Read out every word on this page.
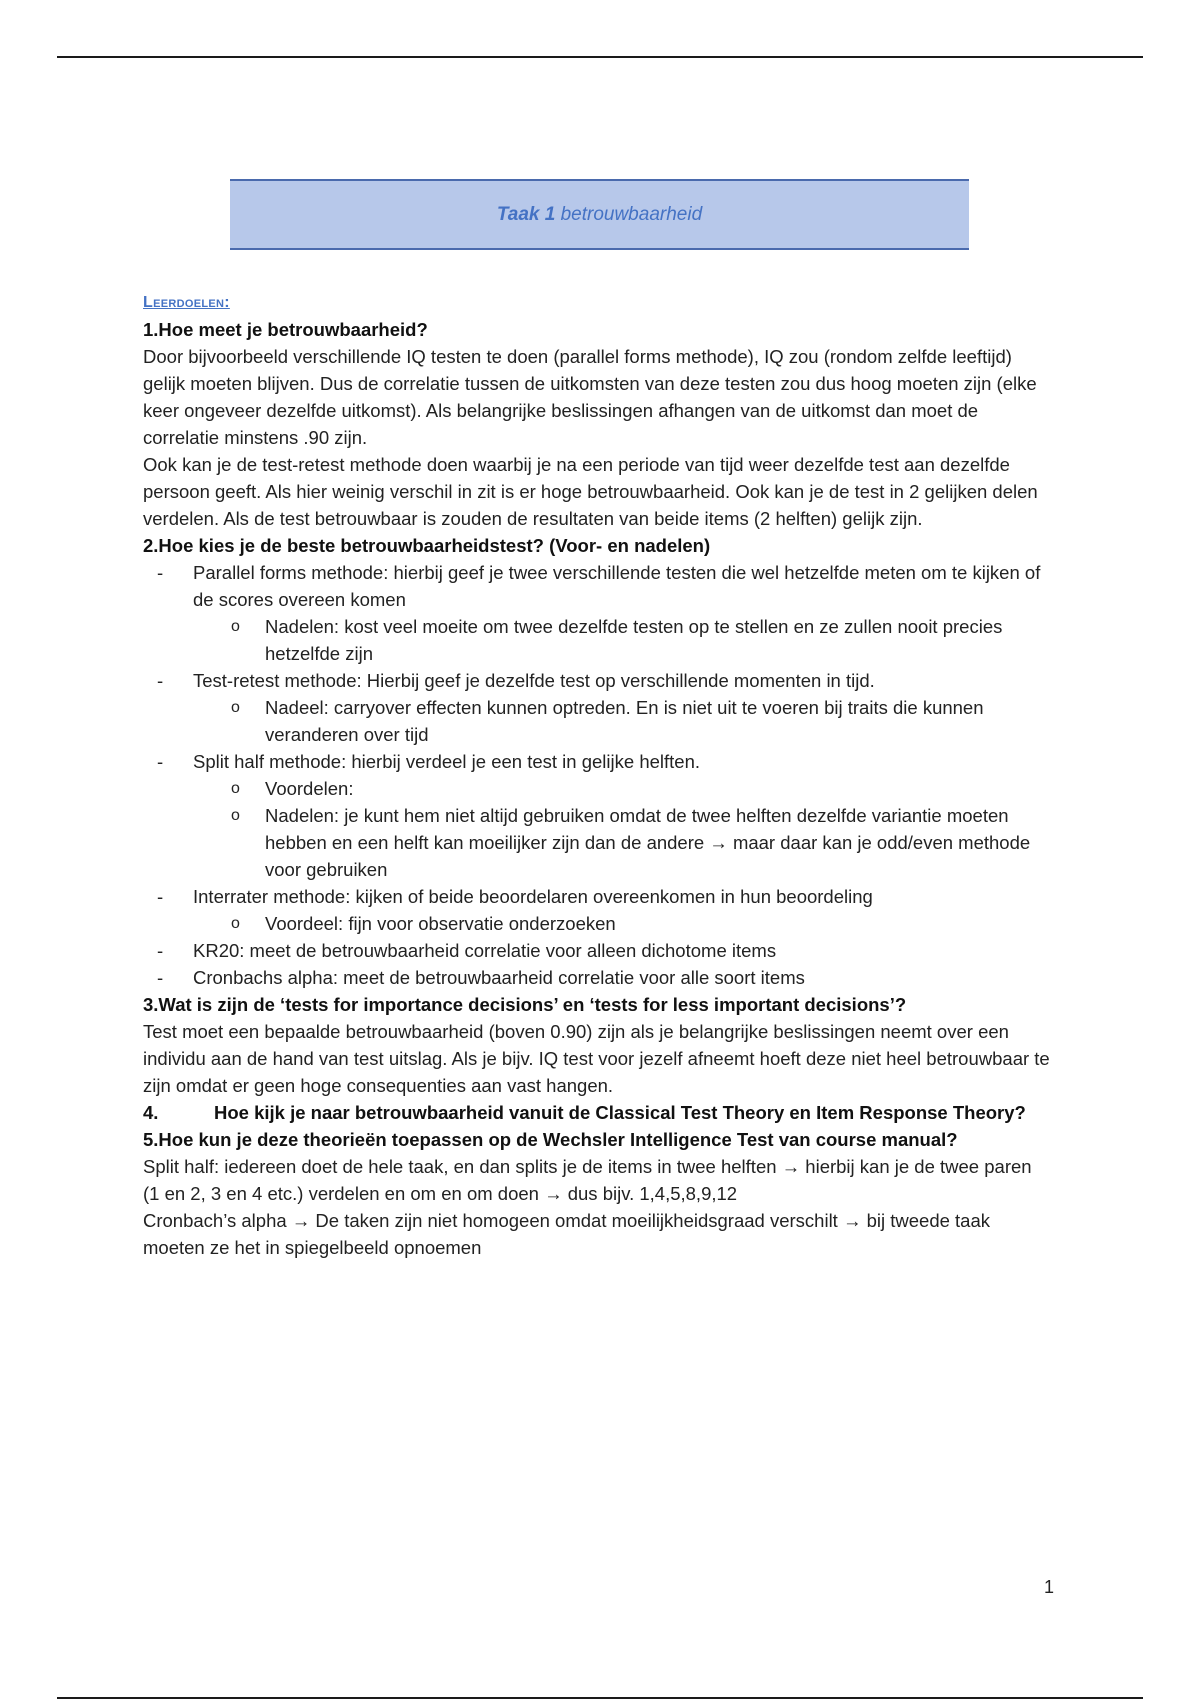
Taak 1 betrouwbaarheid
Leerdoelen:
1.Hoe meet je betrouwbaarheid?

Door bijvoorbeeld verschillende IQ testen te doen (parallel forms methode), IQ zou (rondom zelfde leeftijd) gelijk moeten blijven. Dus de correlatie tussen de uitkomsten van deze testen zou dus hoog moeten zijn (elke keer ongeveer dezelfde uitkomst). Als belangrijke beslissingen afhangen van de uitkomst dan moet de correlatie minstens .90 zijn.

Ook kan je de test-retest methode doen waarbij je na een periode van tijd weer dezelfde test aan dezelfde persoon geeft. Als hier weinig verschil in zit is er hoge betrouwbaarheid. Ook kan je de test in 2 gelijken delen verdelen. Als de test betrouwbaar is zouden de resultaten van beide items (2 helften) gelijk zijn.

2.Hoe kies je de beste betrouwbaarheidstest? (Voor- en nadelen)
- Parallel forms methode: hierbij geef je twee verschillende testen die wel hetzelfde meten om te kijken of de scores overeen komen
o Nadelen: kost veel moeite om twee dezelfde testen op te stellen en ze zullen nooit precies hetzelfde zijn
- Test-retest methode: Hierbij geef je dezelfde test op verschillende momenten in tijd.
o Nadeel: carryover effecten kunnen optreden. En is niet uit te voeren bij traits die kunnen veranderen over tijd
- Split half methode: hierbij verdeel je een test in gelijke helften.
o Voordelen:
o Nadelen: je kunt hem niet altijd gebruiken omdat de twee helften dezelfde variantie moeten hebben en een helft kan moeilijker zijn dan de andere → maar daar kan je odd/even methode voor gebruiken
- Interrater methode: kijken of beide beoordelaren overeenkomen in hun beoordeling
o Voordeel: fijn voor observatie onderzoeken
- KR20: meet de betrouwbaarheid correlatie voor alleen dichotome items
- Cronbachs alpha: meet de betrouwbaarheid correlatie voor alle soort items
3.Wat is zijn de ‘tests for importance decisions’ en ‘tests for less important decisions’?

Test moet een bepaalde betrouwbaarheid (boven 0.90) zijn als je belangrijke beslissingen neemt over een individu aan de hand van test uitslag. Als je bijv. IQ test voor jezelf afneemt hoeft deze niet heel betrouwbaar te zijn omdat er geen hoge consequenties aan vast hangen.

4.	Hoe kijk je naar betrouwbaarheid vanuit de Classical Test Theory en Item Response Theory?
5.Hoe kun je deze theorieën toepassen op de Wechsler Intelligence Test van course manual?

Split half: iedereen doet de hele taak, en dan splits je de items in twee helften → hierbij kan je de twee paren (1 en 2, 3 en 4 etc.) verdelen en om en om doen → dus bijv. 1,4,5,8,9,12

Cronbach’s alpha → De taken zijn niet homogeen omdat moeilijkheidsgraad verschilt → bij tweede taak moeten ze het in spiegelbeeld opnoemen

1
